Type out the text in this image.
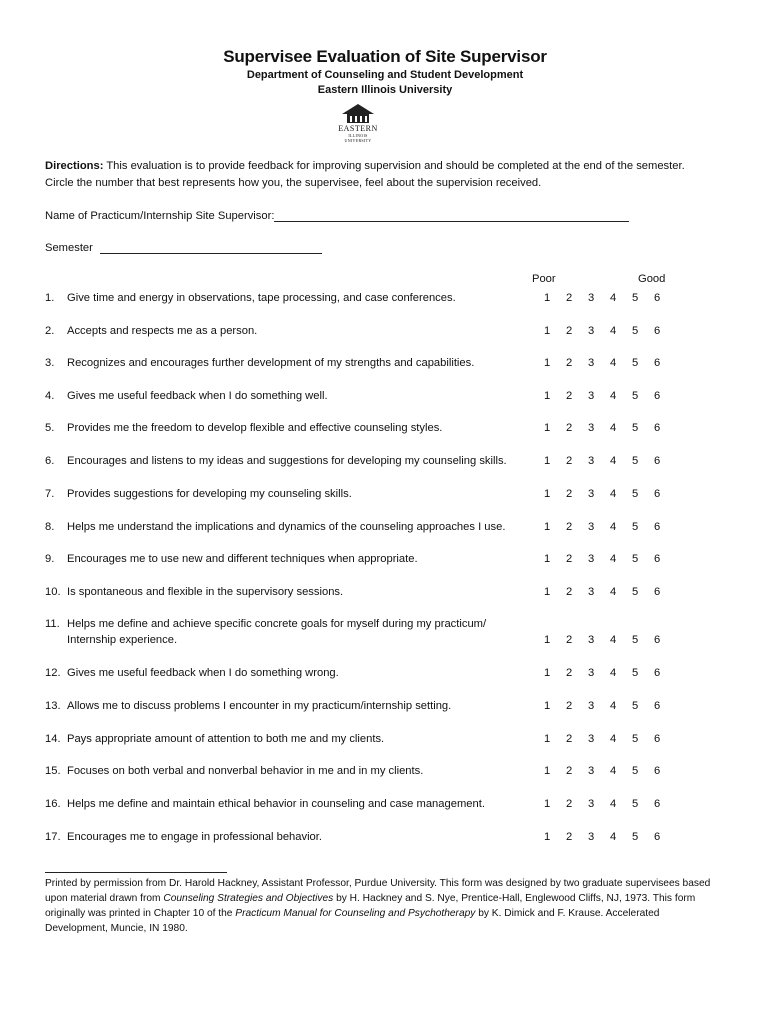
Supervisee Evaluation of Site Supervisor
Department of Counseling and Student Development
Eastern Illinois University
EASTERN
ILLINOIS UNIVERSITY
Directions: This evaluation is to provide feedback for improving supervision and should be completed at the end of the semester.
Circle the number that best represents how you, the supervisee, feel about the supervision received.
Name of Practicum/Internship Site Supervisor:
Semester
Poor	Good
1. Give time and energy in observations, tape processing, and case conferences.	1 2 3 4 5 6
2. Accepts and respects me as a person.	1 2 3 4 5 6
3. Recognizes and encourages further development of my strengths and capabilities.	1 2 3 4 5 6
4. Gives me useful feedback when I do something well.	1 2 3 4 5 6
5. Provides me the freedom to develop flexible and effective counseling styles.	1 2 3 4 5 6
6. Encourages and listens to my ideas and suggestions for developing my counseling skills.	1 2 3 4 5 6
7. Provides suggestions for developing my counseling skills.	1 2 3 4 5 6
8. Helps me understand the implications and dynamics of the counseling approaches I use.	1 2 3 4 5 6
9. Encourages me to use new and different techniques when appropriate.	1 2 3 4 5 6
10. Is spontaneous and flexible in the supervisory sessions.	1 2 3 4 5 6
11. Helps me define and achieve specific concrete goals for myself during my practicum/
Internship experience.	1 2 3 4 5 6
12. Gives me useful feedback when I do something wrong.	1 2 3 4 5 6
13. Allows me to discuss problems I encounter in my practicum/internship setting.	1 2 3 4 5 6
14. Pays appropriate amount of attention to both me and my clients.	1 2 3 4 5 6
15. Focuses on both verbal and nonverbal behavior in me and in my clients.	1 2 3 4 5 6
16. Helps me define and maintain ethical behavior in counseling and case management.	1 2 3 4 5 6
17. Encourages me to engage in professional behavior.	1 2 3 4 5 6
Printed by permission from Dr. Harold Hackney, Assistant Professor, Purdue University. This form was designed by two graduate supervisees based upon material drawn from Counseling Strategies and Objectives by H. Hackney and S. Nye, Prentice-Hall, Englewood Cliffs, NJ, 1973. This form originally was printed in Chapter 10 of the Practicum Manual for Counseling and Psychotherapy by K. Dimick and F. Krause. Accelerated Development, Muncie, IN 1980.
